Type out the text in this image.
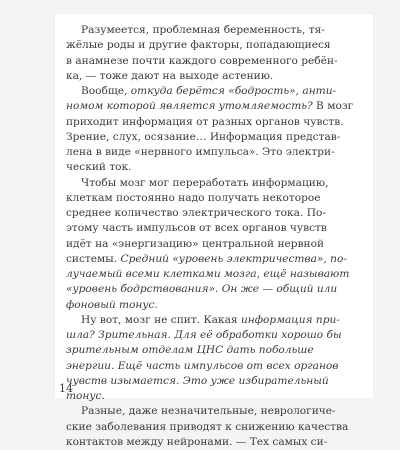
Разумеется, проблемная беременность, тя-

жёлые роды и другие факторы, попадающиеся

в анамнезе почти каждого современного ребён-

ка, — тоже дают на выходе астению.

Вообще, откуда берётся «бодрость», анти-

номом которой является утомляемость? В мозг

приходит информация от разных органов чувств.

Зрение, слух, осязание… Информация представ-

лена в виде «нервного импульса». Это электри-

ческий ток.

Чтобы мозг мог переработать информацию,

клеткам постоянно надо получать некоторое

среднее количество электрического тока. По-

этому часть импульсов от всех органов чувств

идёт на «энергизацию» центральной нервной

системы. Средний «уровень электричества», по-

лучаемый всеми клетками мозга, ещё называют

«уровень бодрствования». Он же — общий или

фоновый тонус.

Ну вот, мозг не спит. Какая информация при-

шла? Зрительная. Для её обработки хорошо бы

зрительным отделам ЦНС дать побольше

энергии. Ещё часть импульсов от всех органов

чувств изымается. Это уже избирательный

тонус.

Разные, даже незначительные, неврологиче-

ские заболевания приводят к снижению качества

контактов между нейронами. — Тех самых си-

14
